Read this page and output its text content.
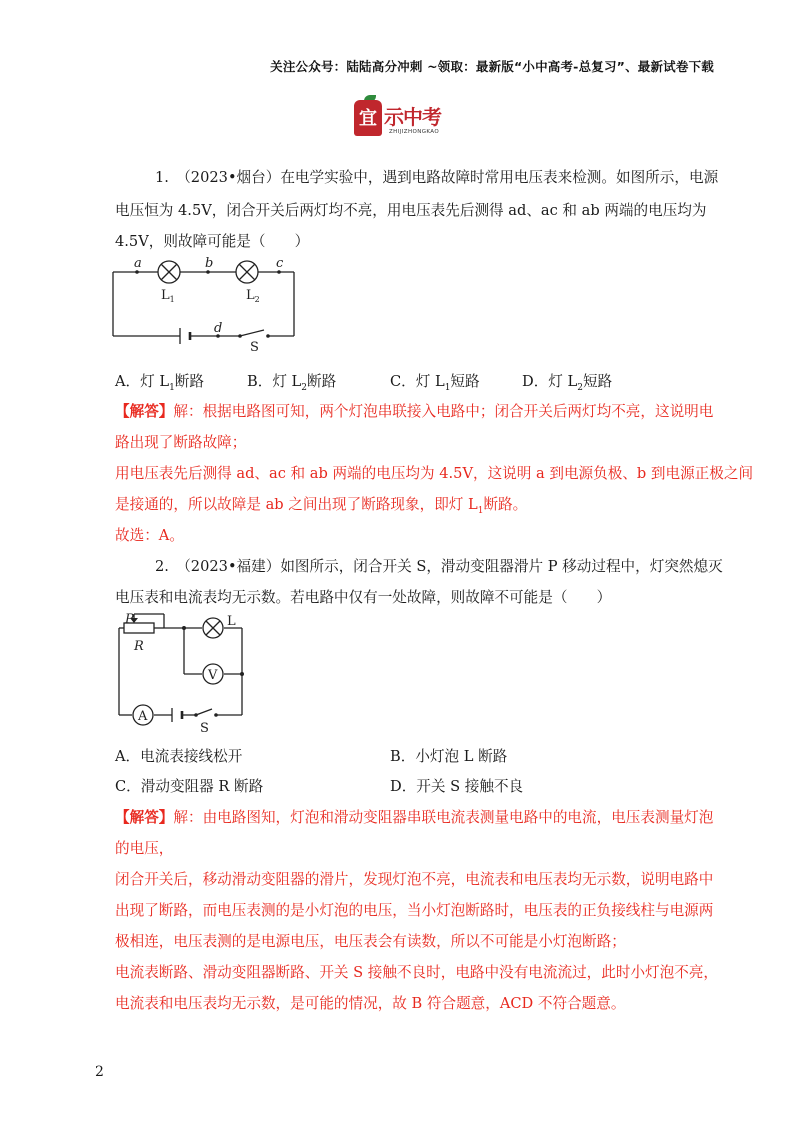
关注公众号：陆陆高分冲刺 ~领取：最新版“小中高考-总复习”、最新试卷下载
宜 示中考
ZHIJIZHONGKAO
1.　（2023•烟台）在电学实验中，遇到电路故障时常用电压表来检测。如图所示，电源
电压恒为 4.5V，闭合开关后两灯均不亮，用电压表先后测得 ad、ac 和 ab 两端的电压均为
4.5V，则故障可能是（　　）
a	b	c
d
$L_1$	$L_2$
S
A．灯 $L_1$断路	B．灯 $L_2$断路	C．灯 $L_1$短路	D．灯 $L_2$短路
【解答】解：根据电路图可知，两个灯泡串联接入电路中；闭合开关后两灯均不亮，这说明电
路出现了断路故障；
用电压表先后测得 ad、ac 和 ab 两端的电压均为 4.5V，这说明 a 到电源负极、b 到电源正极之间
是接通的，所以故障是 ab 之间出现了断路现象，即灯 $L_1$断路。
故选：A。
2.　（2023•福建）如图所示，闭合开关 S，滑动变阻器滑片 P 移动过程中，灯突然熄灭
电压表和电流表均无示数。若电路中仅有一处故障，则故障不可能是（　　）
V
A
P
R
L
S
A．电流表接线松开	B．小灯泡 L 断路
C．滑动变阻器 R 断路	D．开关 S 接触不良
【解答】解：由电路图知，灯泡和滑动变阻器串联电流表测量电路中的电流，电压表测量灯泡
的电压，
闭合开关后，移动滑动变阻器的滑片，发现灯泡不亮，电流表和电压表均无示数，说明电路中
出现了断路，而电压表测的是小灯泡的电压，当小灯泡断路时，电压表的正负接线柱与电源两
极相连，电压表测的是电源电压，电压表会有读数，所以不可能是小灯泡断路；
电流表断路、滑动变阻器断路、开关 S 接触不良时，电路中没有电流流过，此时小灯泡不亮，
电流表和电压表均无示数，是可能的情况，故 B 符合题意，ACD 不符合题意。
2
